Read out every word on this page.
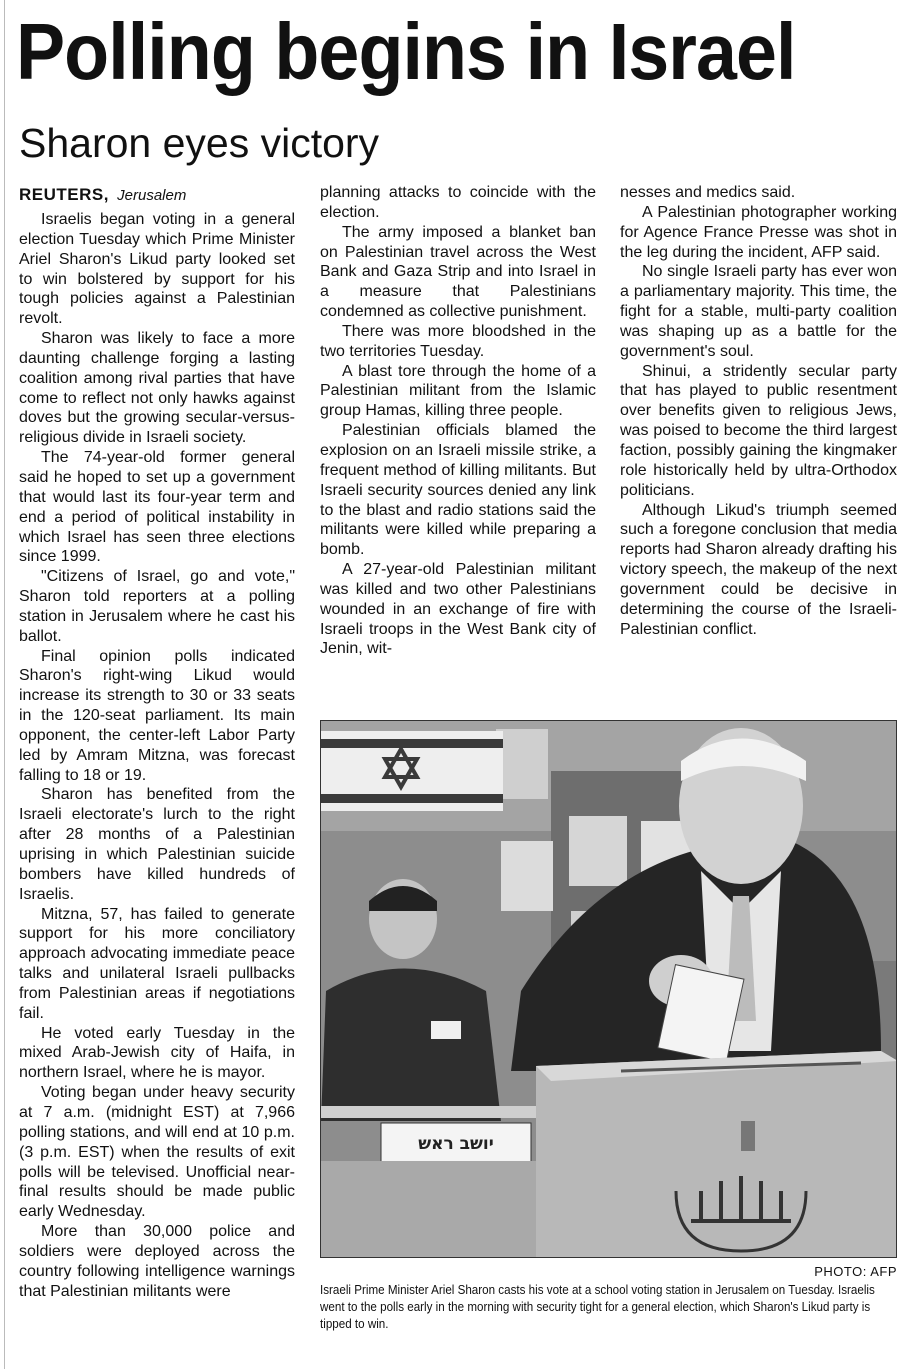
Polling begins in Israel
Sharon eyes victory
REUTERS, Jerusalem

Israelis began voting in a general election Tuesday which Prime Minister Ariel Sharon's Likud party looked set to win bolstered by support for his tough policies against a Palestinian revolt.

Sharon was likely to face a more daunting challenge forging a lasting coalition among rival parties that have come to reflect not only hawks against doves but the growing secular-versus-religious divide in Israeli society.

The 74-year-old former general said he hoped to set up a government that would last its four-year term and end a period of political instability in which Israel has seen three elections since 1999.

"Citizens of Israel, go and vote," Sharon told reporters at a polling station in Jerusalem where he cast his ballot.

Final opinion polls indicated Sharon's right-wing Likud would increase its strength to 30 or 33 seats in the 120-seat parliament. Its main opponent, the center-left Labor Party led by Amram Mitzna, was forecast falling to 18 or 19.

Sharon has benefited from the Israeli electorate's lurch to the right after 28 months of a Palestinian uprising in which Palestinian suicide bombers have killed hundreds of Israelis.

Mitzna, 57, has failed to generate support for his more conciliatory approach advocating immediate peace talks and unilateral Israeli pullbacks from Palestinian areas if negotiations fail.

He voted early Tuesday in the mixed Arab-Jewish city of Haifa, in northern Israel, where he is mayor.

Voting began under heavy security at 7 a.m. (midnight EST) at 7,966 polling stations, and will end at 10 p.m. (3 p.m. EST) when the results of exit polls will be televised. Unofficial near-final results should be made public early Wednesday.

More than 30,000 police and soldiers were deployed across the country following intelligence warnings that Palestinian militants were

planning attacks to coincide with the election.

The army imposed a blanket ban on Palestinian travel across the West Bank and Gaza Strip and into Israel in a measure that Palestinians condemned as collective punishment.

There was more bloodshed in the two territories Tuesday.

A blast tore through the home of a Palestinian militant from the Islamic group Hamas, killing three people.

Palestinian officials blamed the explosion on an Israeli missile strike, a frequent method of killing militants. But Israeli security sources denied any link to the blast and radio stations said the militants were killed while preparing a bomb.

A 27-year-old Palestinian militant was killed and two other Palestinians wounded in an exchange of fire with Israeli troops in the West Bank city of Jenin, wit-

nesses and medics said.

A Palestinian photographer working for Agence France Presse was shot in the leg during the incident, AFP said.

No single Israeli party has ever won a parliamentary majority. This time, the fight for a stable, multi-party coalition was shaping up as a battle for the government's soul.

Shinui, a stridently secular party that has played to public resentment over benefits given to religious Jews, was poised to become the third largest faction, possibly gaining the kingmaker role historically held by ultra-Orthodox politicians.

Although Likud's triumph seemed such a foregone conclusion that media reports had Sharon already drafting his victory speech, the makeup of the next government could be decisive in determining the course of the Israeli-Palestinian conflict.

יושב ראש
PHOTO: AFP
Israeli Prime Minister Ariel Sharon casts his vote at a school voting station in Jerusalem on Tuesday. Israelis went to the polls early in the morning with security tight for a general election, which Sharon's Likud party is tipped to win.
